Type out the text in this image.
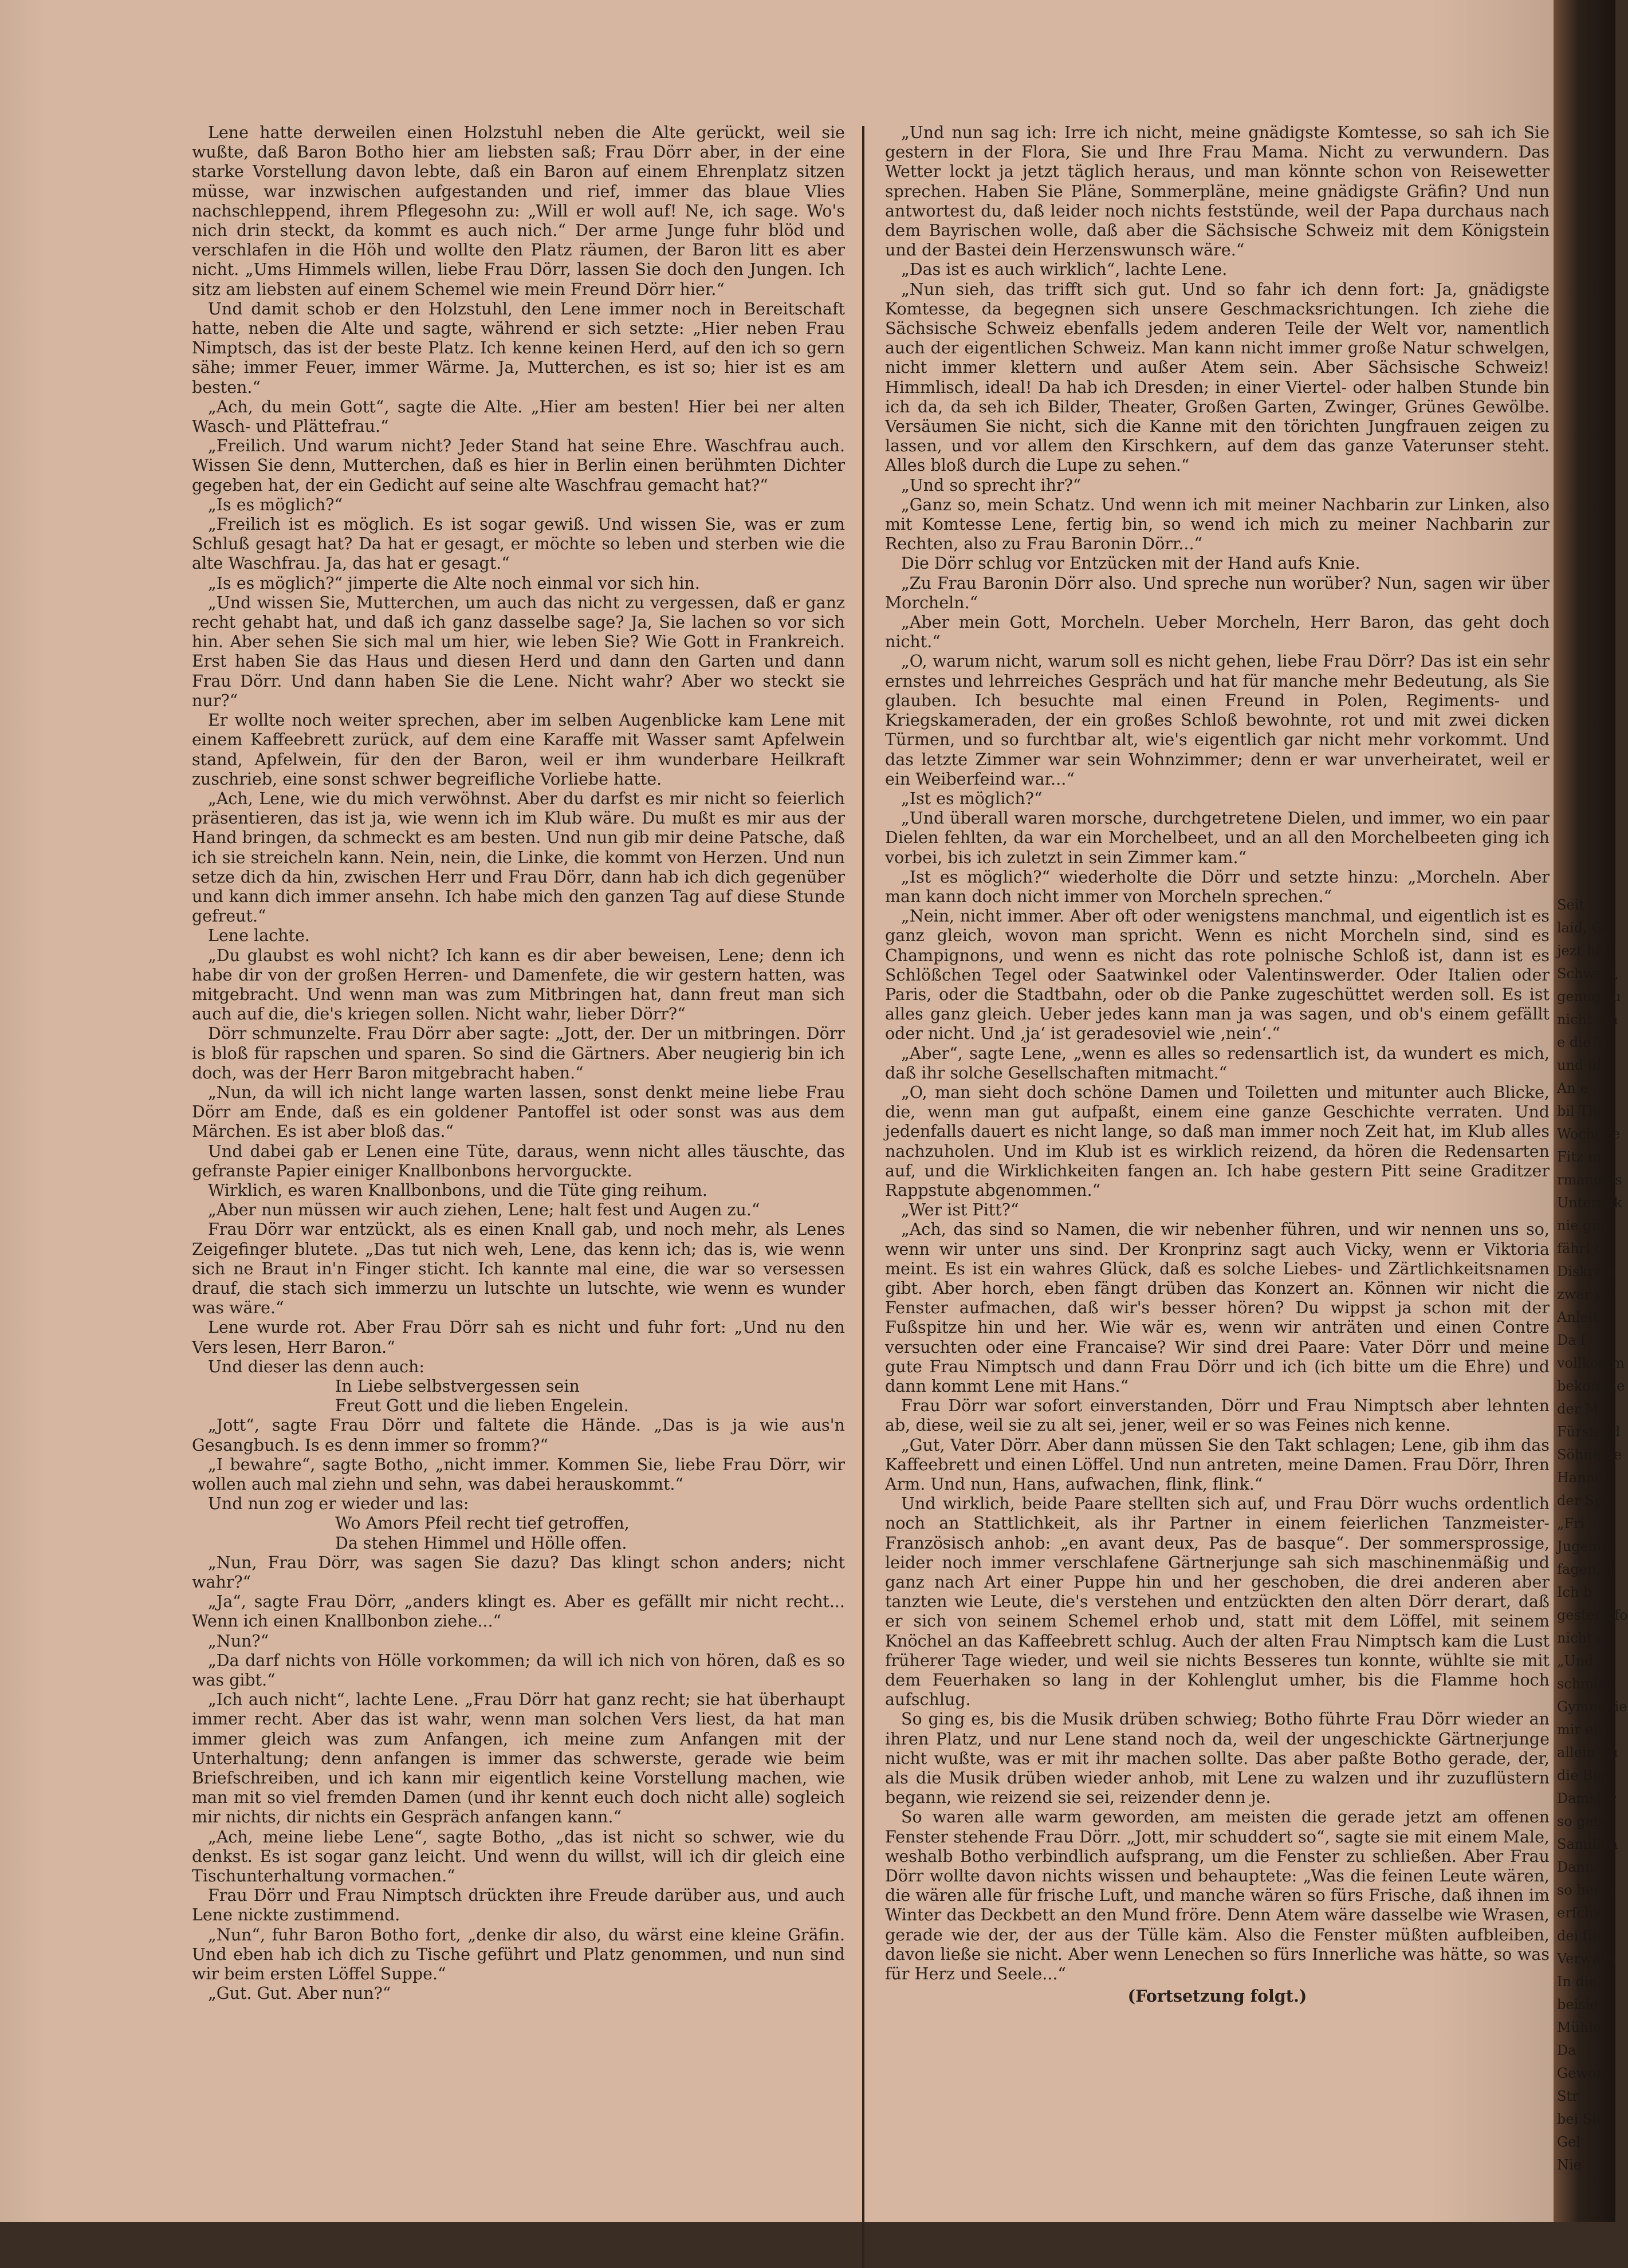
Lene hatte derweilen einen Holzstuhl neben die Alte gerückt, weil sie wußte, daß Baron Botho hier am liebsten saß; Frau Dörr aber, in der eine starke Vorstellung davon lebte, daß ein Baron auf einem Ehrenplatz sitzen müsse, war inzwischen aufgestanden und rief, immer das blaue Vlies nachschleppend, ihrem Pflegesohn zu: „Will er woll auf! Ne, ich sage. Wo's nich drin steckt, da kommt es auch nich.“ Der arme Junge fuhr blöd und verschlafen in die Höh und wollte den Platz räumen, der Baron litt es aber nicht. „Ums Himmels willen, liebe Frau Dörr, lassen Sie doch den Jungen. Ich sitz am liebsten auf einem Schemel wie mein Freund Dörr hier.“

Und damit schob er den Holzstuhl, den Lene immer noch in Bereitschaft hatte, neben die Alte und sagte, während er sich setzte: „Hier neben Frau Nimptsch, das ist der beste Platz. Ich kenne keinen Herd, auf den ich so gern sähe; immer Feuer, immer Wärme. Ja, Mutterchen, es ist so; hier ist es am besten.“

„Ach, du mein Gott“, sagte die Alte. „Hier am besten! Hier bei ner alten Wasch- und Plättefrau.“

„Freilich. Und warum nicht? Jeder Stand hat seine Ehre. Waschfrau auch. Wissen Sie denn, Mutterchen, daß es hier in Berlin einen berühmten Dichter gegeben hat, der ein Gedicht auf seine alte Waschfrau gemacht hat?“

„Is es möglich?“

„Freilich ist es möglich. Es ist sogar gewiß. Und wissen Sie, was er zum Schluß gesagt hat? Da hat er gesagt, er möchte so leben und sterben wie die alte Waschfrau. Ja, das hat er gesagt.“

„Is es möglich?“ jimperte die Alte noch einmal vor sich hin.

„Und wissen Sie, Mutterchen, um auch das nicht zu vergessen, daß er ganz recht gehabt hat, und daß ich ganz dasselbe sage? Ja, Sie lachen so vor sich hin. Aber sehen Sie sich mal um hier, wie leben Sie? Wie Gott in Frankreich. Erst haben Sie das Haus und diesen Herd und dann den Garten und dann Frau Dörr. Und dann haben Sie die Lene. Nicht wahr? Aber wo steckt sie nur?“

Er wollte noch weiter sprechen, aber im selben Augenblicke kam Lene mit einem Kaffeebrett zurück, auf dem eine Karaffe mit Wasser samt Apfelwein stand, Apfelwein, für den der Baron, weil er ihm wunderbare Heilkraft zuschrieb, eine sonst schwer begreifliche Vorliebe hatte.

„Ach, Lene, wie du mich verwöhnst. Aber du darfst es mir nicht so feierlich präsentieren, das ist ja, wie wenn ich im Klub wäre. Du mußt es mir aus der Hand bringen, da schmeckt es am besten. Und nun gib mir deine Patsche, daß ich sie streicheln kann. Nein, nein, die Linke, die kommt von Herzen. Und nun setze dich da hin, zwischen Herr und Frau Dörr, dann hab ich dich gegenüber und kann dich immer ansehn. Ich habe mich den ganzen Tag auf diese Stunde gefreut.“

Lene lachte.

„Du glaubst es wohl nicht? Ich kann es dir aber beweisen, Lene; denn ich habe dir von der großen Herren- und Damenfete, die wir gestern hatten, was mitgebracht. Und wenn man was zum Mitbringen hat, dann freut man sich auch auf die, die's kriegen sollen. Nicht wahr, lieber Dörr?“

Dörr schmunzelte. Frau Dörr aber sagte: „Jott, der. Der un mitbringen. Dörr is bloß für rapschen und sparen. So sind die Gärtners. Aber neugierig bin ich doch, was der Herr Baron mitgebracht haben.“

„Nun, da will ich nicht lange warten lassen, sonst denkt meine liebe Frau Dörr am Ende, daß es ein goldener Pantoffel ist oder sonst was aus dem Märchen. Es ist aber bloß das.“

Und dabei gab er Lenen eine Tüte, daraus, wenn nicht alles täuschte, das gefranste Papier einiger Knallbonbons hervorguckte.

Wirklich, es waren Knallbonbons, und die Tüte ging reihum.

„Aber nun müssen wir auch ziehen, Lene; halt fest und Augen zu.“

Frau Dörr war entzückt, als es einen Knall gab, und noch mehr, als Lenes Zeigefinger blutete. „Das tut nich weh, Lene, das kenn ich; das is, wie wenn sich ne Braut in'n Finger sticht. Ich kannte mal eine, die war so versessen drauf, die stach sich immerzu un lutschte un lutschte, wie wenn es wunder was wäre.“

Lene wurde rot. Aber Frau Dörr sah es nicht und fuhr fort: „Und nu den Vers lesen, Herr Baron.“

Und dieser las denn auch:

In Liebe selbstvergessen sein

Freut Gott und die lieben Engelein.

„Jott“, sagte Frau Dörr und faltete die Hände. „Das is ja wie aus'n Gesangbuch. Is es denn immer so fromm?“

„I bewahre“, sagte Botho, „nicht immer. Kommen Sie, liebe Frau Dörr, wir wollen auch mal ziehn und sehn, was dabei herauskommt.“

Und nun zog er wieder und las:

Wo Amors Pfeil recht tief getroffen,

Da stehen Himmel und Hölle offen.

„Nun, Frau Dörr, was sagen Sie dazu? Das klingt schon anders; nicht wahr?“

„Ja“, sagte Frau Dörr, „anders klingt es. Aber es gefällt mir nicht recht... Wenn ich einen Knallbonbon ziehe...“

„Nun?“

„Da darf nichts von Hölle vorkommen; da will ich nich von hören, daß es so was gibt.“

„Ich auch nicht“, lachte Lene. „Frau Dörr hat ganz recht; sie hat überhaupt immer recht. Aber das ist wahr, wenn man solchen Vers liest, da hat man immer gleich was zum Anfangen, ich meine zum Anfangen mit der Unterhaltung; denn anfangen is immer das schwerste, gerade wie beim Briefschreiben, und ich kann mir eigentlich keine Vorstellung machen, wie man mit so viel fremden Damen (und ihr kennt euch doch nicht alle) sogleich mir nichts, dir nichts ein Gespräch anfangen kann.“

„Ach, meine liebe Lene“, sagte Botho, „das ist nicht so schwer, wie du denkst. Es ist sogar ganz leicht. Und wenn du willst, will ich dir gleich eine Tischunterhaltung vormachen.“

Frau Dörr und Frau Nimptsch drückten ihre Freude darüber aus, und auch Lene nickte zustimmend.

„Nun“, fuhr Baron Botho fort, „denke dir also, du wärst eine kleine Gräfin. Und eben hab ich dich zu Tische geführt und Platz genommen, und nun sind wir beim ersten Löffel Suppe.“

„Gut. Gut. Aber nun?“

„Und nun sag ich: Irre ich nicht, meine gnädigste Komtesse, so sah ich Sie gestern in der Flora, Sie und Ihre Frau Mama. Nicht zu verwundern. Das Wetter lockt ja jetzt täglich heraus, und man könnte schon von Reisewetter sprechen. Haben Sie Pläne, Sommerpläne, meine gnädigste Gräfin? Und nun antwortest du, daß leider noch nichts feststünde, weil der Papa durchaus nach dem Bayrischen wolle, daß aber die Sächsische Schweiz mit dem Königstein und der Bastei dein Herzenswunsch wäre.“

„Das ist es auch wirklich“, lachte Lene.

„Nun sieh, das trifft sich gut. Und so fahr ich denn fort: Ja, gnädigste Komtesse, da begegnen sich unsere Geschmacksrichtungen. Ich ziehe die Sächsische Schweiz ebenfalls jedem anderen Teile der Welt vor, namentlich auch der eigentlichen Schweiz. Man kann nicht immer große Natur schwelgen, nicht immer klettern und außer Atem sein. Aber Sächsische Schweiz! Himmlisch, ideal! Da hab ich Dresden; in einer Viertel- oder halben Stunde bin ich da, da seh ich Bilder, Theater, Großen Garten, Zwinger, Grünes Gewölbe. Versäumen Sie nicht, sich die Kanne mit den törichten Jungfrauen zeigen zu lassen, und vor allem den Kirschkern, auf dem das ganze Vaterunser steht. Alles bloß durch die Lupe zu sehen.“

„Und so sprecht ihr?“

„Ganz so, mein Schatz. Und wenn ich mit meiner Nachbarin zur Linken, also mit Komtesse Lene, fertig bin, so wend ich mich zu meiner Nachbarin zur Rechten, also zu Frau Baronin Dörr...“

Die Dörr schlug vor Entzücken mit der Hand aufs Knie.

„Zu Frau Baronin Dörr also. Und spreche nun worüber? Nun, sagen wir über Morcheln.“

„Aber mein Gott, Morcheln. Ueber Morcheln, Herr Baron, das geht doch nicht.“

„O, warum nicht, warum soll es nicht gehen, liebe Frau Dörr? Das ist ein sehr ernstes und lehrreiches Gespräch und hat für manche mehr Bedeutung, als Sie glauben. Ich besuchte mal einen Freund in Polen, Regiments- und Kriegskameraden, der ein großes Schloß bewohnte, rot und mit zwei dicken Türmen, und so furchtbar alt, wie's eigentlich gar nicht mehr vorkommt. Und das letzte Zimmer war sein Wohnzimmer; denn er war unverheiratet, weil er ein Weiberfeind war...“

„Ist es möglich?“

„Und überall waren morsche, durchgetretene Dielen, und immer, wo ein paar Dielen fehlten, da war ein Morchelbeet, und an all den Morchelbeeten ging ich vorbei, bis ich zuletzt in sein Zimmer kam.“

„Ist es möglich?“ wiederholte die Dörr und setzte hinzu: „Morcheln. Aber man kann doch nicht immer von Morcheln sprechen.“

„Nein, nicht immer. Aber oft oder wenigstens manchmal, und eigentlich ist es ganz gleich, wovon man spricht. Wenn es nicht Morcheln sind, sind es Champignons, und wenn es nicht das rote polnische Schloß ist, dann ist es Schlößchen Tegel oder Saatwinkel oder Valentinswerder. Oder Italien oder Paris, oder die Stadtbahn, oder ob die Panke zugeschüttet werden soll. Es ist alles ganz gleich. Ueber jedes kann man ja was sagen, und ob's einem gefällt oder nicht. Und ‚ja‘ ist geradesoviel wie ‚nein‘.“

„Aber“, sagte Lene, „wenn es alles so redensartlich ist, da wundert es mich, daß ihr solche Gesellschaften mitmacht.“

„O, man sieht doch schöne Damen und Toiletten und mitunter auch Blicke, die, wenn man gut aufpaßt, einem eine ganze Geschichte verraten. Und jedenfalls dauert es nicht lange, so daß man immer noch Zeit hat, im Klub alles nachzuholen. Und im Klub ist es wirklich reizend, da hören die Redensarten auf, und die Wirklichkeiten fangen an. Ich habe gestern Pitt seine Graditzer Rappstute abgenommen.“

„Wer ist Pitt?“

„Ach, das sind so Namen, die wir nebenher führen, und wir nennen uns so, wenn wir unter uns sind. Der Kronprinz sagt auch Vicky, wenn er Viktoria meint. Es ist ein wahres Glück, daß es solche Liebes- und Zärtlichkeitsnamen gibt. Aber horch, eben fängt drüben das Konzert an. Können wir nicht die Fenster aufmachen, daß wir's besser hören? Du wippst ja schon mit der Fußspitze hin und her. Wie wär es, wenn wir anträten und einen Contre versuchten oder eine Francaise? Wir sind drei Paare: Vater Dörr und meine gute Frau Nimptsch und dann Frau Dörr und ich (ich bitte um die Ehre) und dann kommt Lene mit Hans.“

Frau Dörr war sofort einverstanden, Dörr und Frau Nimptsch aber lehnten ab, diese, weil sie zu alt sei, jener, weil er so was Feines nich kenne.

„Gut, Vater Dörr. Aber dann müssen Sie den Takt schlagen; Lene, gib ihm das Kaffeebrett und einen Löffel. Und nun antreten, meine Damen. Frau Dörr, Ihren Arm. Und nun, Hans, aufwachen, flink, flink.“

Und wirklich, beide Paare stellten sich auf, und Frau Dörr wuchs ordentlich noch an Stattlichkeit, als ihr Partner in einem feierlichen Tanzmeister-Französisch anhob: „en avant deux, Pas de basque“. Der sommersprossige, leider noch immer verschlafene Gärtnerjunge sah sich maschinenmäßig und ganz nach Art einer Puppe hin und her geschoben, die drei anderen aber tanzten wie Leute, die's verstehen und entzückten den alten Dörr derart, daß er sich von seinem Schemel erhob und, statt mit dem Löffel, mit seinem Knöchel an das Kaffeebrett schlug. Auch der alten Frau Nimptsch kam die Lust früherer Tage wieder, und weil sie nichts Besseres tun konnte, wühlte sie mit dem Feuerhaken so lang in der Kohlenglut umher, bis die Flamme hoch aufschlug.

So ging es, bis die Musik drüben schwieg; Botho führte Frau Dörr wieder an ihren Platz, und nur Lene stand noch da, weil der ungeschickte Gärtnerjunge nicht wußte, was er mit ihr machen sollte. Das aber paßte Botho gerade, der, als die Musik drüben wieder anhob, mit Lene zu walzen und ihr zuzuflüstern begann, wie reizend sie sei, reizender denn je.

So waren alle warm geworden, am meisten die gerade jetzt am offenen Fenster stehende Frau Dörr. „Jott, mir schuddert so“, sagte sie mit einem Male, weshalb Botho verbindlich aufsprang, um die Fenster zu schließen. Aber Frau Dörr wollte davon nichts wissen und behauptete: „Was die feinen Leute wären, die wären alle für frische Luft, und manche wären so fürs Frische, daß ihnen im Winter das Deckbett an den Mund fröre. Denn Atem wäre dasselbe wie Wrasen, gerade wie der, der aus der Tülle käm. Also die Fenster müßten aufbleiben, davon ließe sie nicht. Aber wenn Lenechen so fürs Innerliche was hätte, so was für Herz und Seele...“

(Fortsetzung folgt.)

Seit
laid, Go
jezt häu
Schweiz,
genug zu
nicht ein
e die T
und übe
An e
bil Tho
Wochene
Fitz mi
rmangels
Unterzuk
nie gin
fährl bi
Diskrete
zwar no
Anleit d
Da f
vollkomm
bekomme
der Mas
Fürste, d
Söhne be
Hanna.
der Spr
„Fri
Jugemie
fagen, d
Ich b
gestern fo
nicht re
„Und
schmüti
Gymnenie
mir ein,
allein Zu
die Berl
Damsfer
so gang
Samilien
Dann
so herfü
erſchw
dei ſie
Verwans
In die
beisie
Mühle
Da
Gewoar
Str
bei Sie
Gel
Nie
